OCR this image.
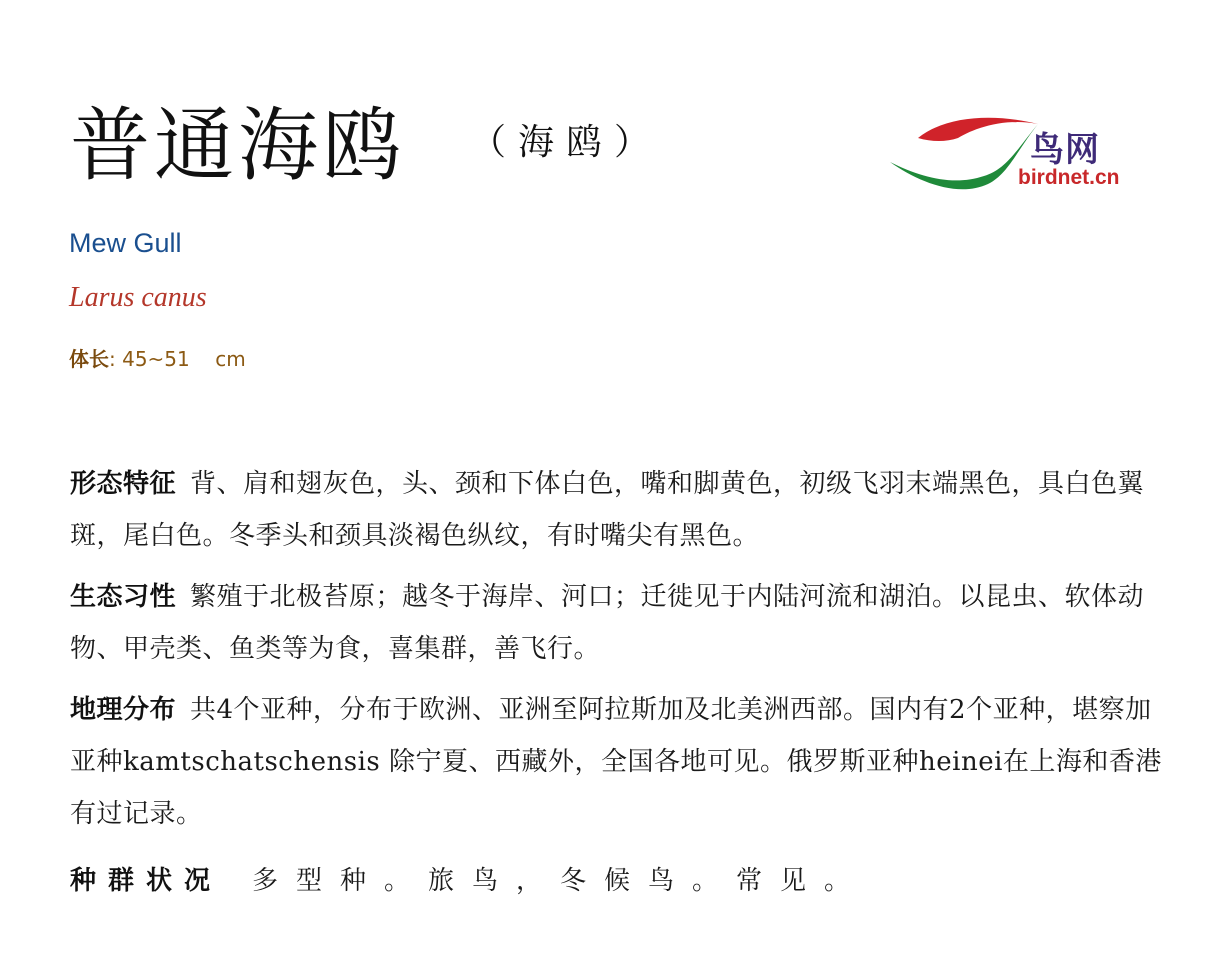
普通海鸥 （海鸥）	鸟网
birdnet.cn
Mew Gull
Larus canus
体长: 45~51 cm
形态特征 背、肩和翅灰色，头、颈和下体白色，嘴和脚黄色，初级飞羽末端黑色，具白色翼斑，尾白色。冬季头和颈具淡褐色纵纹，有时嘴尖有黑色。
生态习性 繁殖于北极苔原；越冬于海岸、河口；迁徙见于内陆河流和湖泊。以昆虫、软体动物、甲壳类、鱼类等为食，喜集群，善飞行。
地理分布 共4个亚种，分布于欧洲、亚洲至阿拉斯加及北美洲西部。国内有2个亚种，堪察加亚种kamtschatschensis 除宁夏、西藏外，全国各地可见。俄罗斯亚种heinei在上海和香港有过记录。
种群状况 多型种。旅鸟，冬候鸟。常见。
